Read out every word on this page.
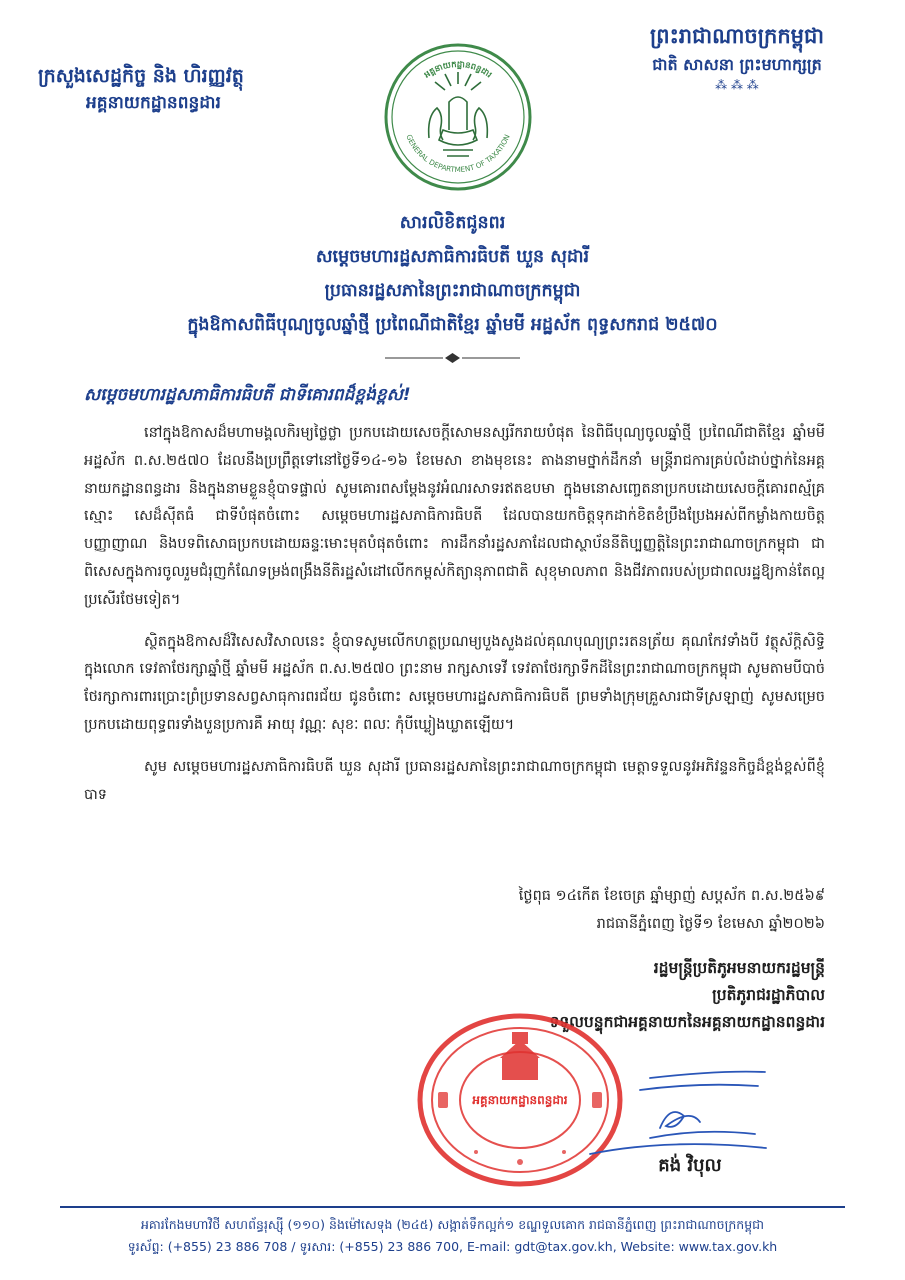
ក្រសួងសេដ្ឋកិច្ច និង ហិរញ្ញវត្ថុ
អគ្គនាយកដ្ឋានពន្ធដារ
ព្រះរាជាណាចក្រកម្ពុជា
ជាតិ សាសនា ព្រះមហាក្សត្រ
⁂ ⁂ ⁂
អគ្គនាយកដ្ឋានពន្ធដារ
GENERAL DEPARTMENT OF TAXATION
សារលិខិតជូនពរ
សម្តេចមហារដ្ឋសភាធិការធិបតី ឃួន សុដារី
ប្រធានរដ្ឋសភានៃព្រះរាជាណាចក្រកម្ពុជា
ក្នុងឱកាសពិធីបុណ្យចូលឆ្នាំថ្មី ប្រពៃណីជាតិខ្មែរ ឆ្នាំមមី អដ្ឋស័ក ពុទ្ធសករាជ ២៥៧០
សម្តេចមហារដ្ឋសភាធិការធិបតី ជាទីគោរពដ៏ខ្ពង់ខ្ពស់!

នៅក្នុងឱកាសដ៏មហាមង្គលកិរម្យថ្លៃថ្លា ប្រកបដោយសេចក្តីសោមនស្សរីករាយបំផុត នៃពិធីបុណ្យចូលឆ្នាំថ្មី ប្រពៃណីជាតិខ្មែរ ឆ្នាំមមី អដ្ឋស័ក ព.ស.២៥៧០ ដែលនឹងប្រព្រឹត្តទៅនៅថ្ងៃទី១៤-១៦ ខែមេសា ខាងមុខនេះ តាងនាមថ្នាក់ដឹកនាំ មន្ត្រីរាជការគ្រប់លំដាប់ថ្នាក់នៃអគ្គនាយកដ្ឋានពន្ធដារ និងក្នុងនាមខ្លួនខ្ញុំបាទផ្ទាល់ សូមគោរពសម្តែងនូវអំណរសាទរឥតឧបមា ក្នុងមនោសញ្ចេតនាប្រកបដោយសេចក្តីគោរពស្ម័គ្រស្មោះ សេដ៏ស៊ីតធំ ជាទីបំផុតចំពោះ សម្តេចមហារដ្ឋសភាធិការធិបតី ដែលបានយកចិត្តទុកដាក់ខិតខំប្រឹងប្រែងអស់ពីកម្លាំងកាយចិត្ត បញ្ញាញាណ និងបទពិសោធប្រកបដោយឆន្ទៈមោះមុតបំផុតចំពោះ ការដឹកនាំរដ្ឋសភាដែលជាស្ថាប័ននីតិប្បញ្ញត្តិនៃព្រះរាជាណាចក្រកម្ពុជា ជាពិសេសក្នុងការចូលរួមជំរុញកំណែទម្រង់ពង្រឹងនីតិរដ្ឋសំដៅលើកកម្ពស់កិត្យានុភាពជាតិ សុខុមាលភាព និងជីវភាពរបស់ប្រជាពលរដ្ឋឱ្យកាន់តែល្អប្រសើរថែមទៀត។

ស្ថិតក្នុងឱកាសដ៏វិសេសវិសាលនេះ ខ្ញុំបាទសូមលើកហត្ថប្រណម្យបួងសួងដល់គុណបុណ្យព្រះរតនត្រ័យ គុណកែវទាំងបី វត្ថុស័ក្តិសិទ្ធិក្នុងលោក ទេវតាថែរក្សាឆ្នាំថ្មី ឆ្នាំមមី អដ្ឋស័ក ព.ស.២៥៧០ ព្រះនាម រាក្សសាទេវី ទេវតាថែរក្សាទឹកដីនៃព្រះរាជាណាចក្រកម្ពុជា សូមតាមបីបាច់ថែរក្សាការពារប្រោះព្រំប្រទានសព្វសាធុការពរជ័យ ជូនចំពោះ សម្តេចមហារដ្ឋសភាធិការធិបតី ព្រមទាំងក្រុមគ្រួសារជាទីស្រឡាញ់ សូមសម្រេចប្រកបដោយពុទ្ធពរទាំងបួនប្រការគឺ អាយុ វណ្ណៈ សុខៈ ពលៈ កុំបីឃ្លៀងឃ្លាតឡើយ។

សូម សម្តេចមហារដ្ឋសភាធិការធិបតី ឃួន សុដារី ប្រធានរដ្ឋសភានៃព្រះរាជាណាចក្រកម្ពុជា មេត្តាទទួលនូវអភិវន្ទនកិច្ចដ៏ខ្ពង់ខ្ពស់ពីខ្ញុំបាទ

ថ្ងៃពុធ ១៤កើត ខែចេត្រ ឆ្នាំម្សាញ់ សប្តស័ក ព.ស.២៥៦៩
រាជធានីភ្នំពេញ ថ្ងៃទី១ ខែមេសា ឆ្នាំ២០២៦
រដ្ឋមន្ត្រីប្រតិភូអមនាយករដ្ឋមន្ត្រី
ប្រតិភូរាជរដ្ឋាភិបាល
ទទួលបន្ទុកជាអគ្គនាយកនៃអគ្គនាយកដ្ឋានពន្ធដារ
អគ្គនាយកដ្ឋានពន្ធដារ
គង់ វិបុល
អគារកែងមហាវិថី សហព័ន្ធរុស្ស៊ី (១១០) និងម៉ៅសេទុង (២៤៥) សង្កាត់ទឹកល្អក់១ ខណ្ឌទួលគោក រាជធានីភ្នំពេញ ព្រះរាជាណាចក្រកម្ពុជា
ទូរស័ព្ទ: (+855) 23 886 708 / ទូរសារ: (+855) 23 886 700, E-mail: gdt@tax.gov.kh, Website: www.tax.gov.kh
